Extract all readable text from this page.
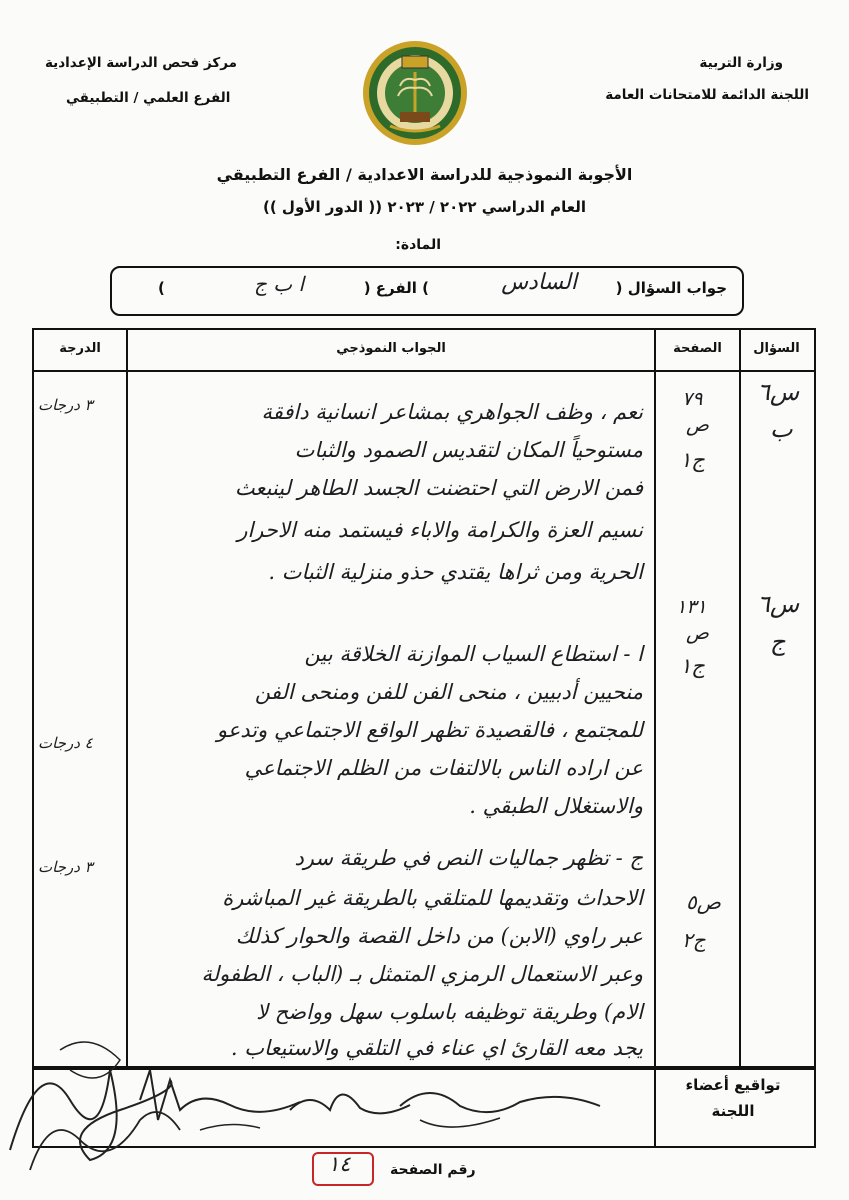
وزارة التربية
اللجنة الدائمة للامتحانات العامة
مركز فحص الدراسة الإعدادية
الفرع العلمي / التطبيقي
الأجوبة النموذجية للدراسة الاعدادية / الفرع التطبيقي
العام الدراسي ٢٠٢٢ / ٢٠٢٣ (( الدور الأول ))
المادة:
جواب السؤال (
السادس
) الفرع (
ا ب ج
)
السؤال
الصفحة
الجواب النموذجي
الدرجة
س٦
ب
س٦
ج
٧٩
ص
ج١
١٣١
ص
ج١
ص٥
ج٢
٣ درجات
٤ درجات
٣ درجات
نعم ، وظف الجواهري بمشاعر انسانية دافقة
مستوحياً المكان لتقديس الصمود والثبات
فمن الارض التي احتضنت الجسد الطاهر لينبعث
نسيم العزة والكرامة والاباء فيستمد منه الاحرار
الحرية ومن ثراها يقتدي حذو منزلية الثبات .
ا - استطاع السياب الموازنة الخلاقة بين
منحيين أدبيين ، منحى الفن للفن ومنحى الفن
للمجتمع ، فالقصيدة تظهر الواقع الاجتماعي وتدعو
عن اراده الناس بالالتفات من الظلم الاجتماعي
والاستغلال الطبقي .
ج - تظهر جماليات النص في طريقة سرد
الاحداث وتقديمها للمتلقي بالطريقة غير المباشرة
عبر راوي (الابن) من داخل القصة والحوار كذلك
وعبر الاستعمال الرمزي المتمثل بـ (الباب ، الطفولة
الام) وطريقة توظيفه باسلوب سهل وواضح لا
يجد معه القارئ اي عناء في التلقي والاستيعاب .
تواقيع أعضاء
اللجنة
رقم الصفحة
١٤
